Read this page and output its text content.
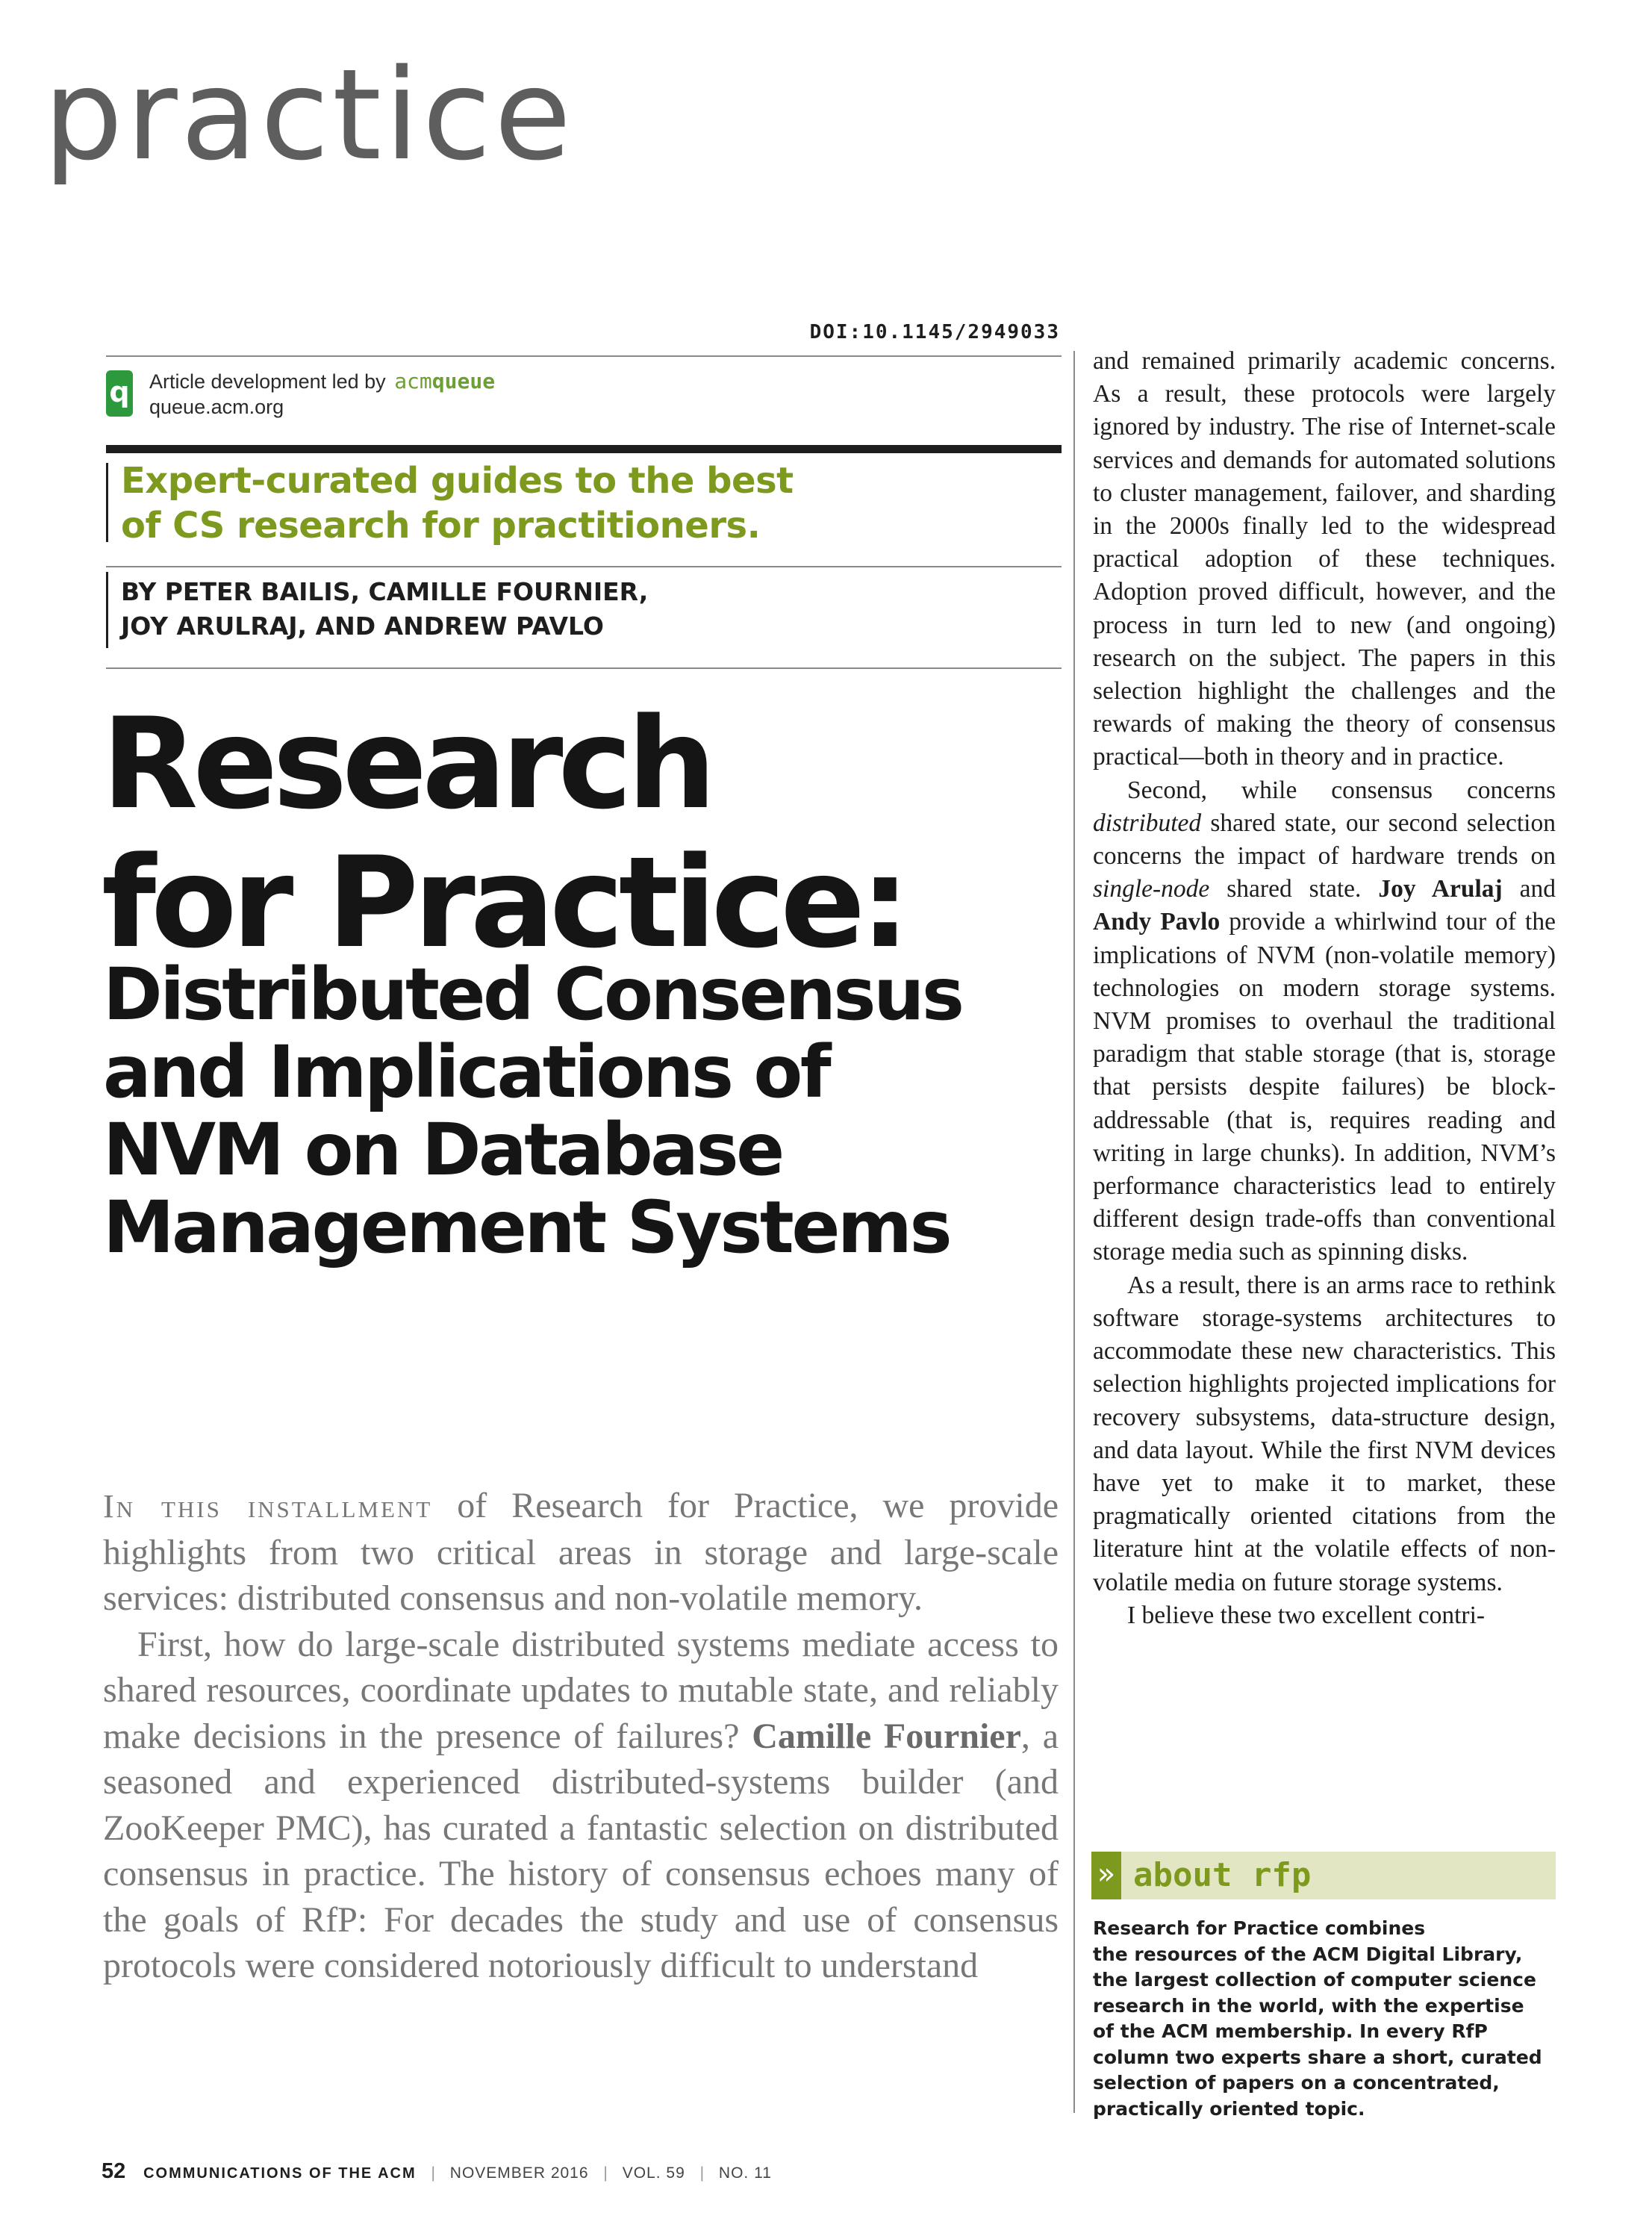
practice
DOI:10.1145/2949033
q Article development led by acmqueue
queue.acm.org
Expert-curated guides to the best
of CS research for practitioners.
BY PETER BAILIS, CAMILLE FOURNIER,
JOY ARULRAJ, AND ANDREW PAVLO
Research
for Practice:
Distributed Consensus
and Implications of
NVM on Database
Management Systems

In this installment of Research for Practice, we provide highlights from two critical areas in storage and large-scale services: distributed consensus and non-volatile memory.

First, how do large-scale distributed systems mediate access to shared resources, coordinate updates to mutable state, and reliably make decisions in the presence of failures? Camille Fournier, a seasoned and experienced distributed-systems builder (and ZooKeeper PMC), has curated a fantastic selection on distributed consensus in practice. The history of consensus echoes many of the goals of RfP: For decades the study and use of consensus protocols were considered notoriously difficult to understand

and remained primarily academic concerns. As a result, these protocols were largely ignored by industry. The rise of Internet-scale services and demands for automated solutions to cluster management, failover, and sharding in the 2000s finally led to the widespread practical adoption of these techniques. Adoption proved difficult, however, and the process in turn led to new (and ongoing) research on the subject. The papers in this selection highlight the challenges and the rewards of making the theory of consensus practical—both in theory and in practice.

Second, while consensus concerns distributed shared state, our second selection concerns the impact of hardware trends on single-node shared state. Joy Arulaj and Andy Pavlo provide a whirlwind tour of the implications of NVM (non-volatile memory) technologies on modern storage systems. NVM promises to overhaul the traditional paradigm that stable storage (that is, storage that persists despite failures) be block-addressable (that is, requires reading and writing in large chunks). In addition, NVM’s performance characteristics lead to entirely different design trade-offs than conventional storage media such as spinning disks.

As a result, there is an arms race to rethink software storage-systems architectures to accommodate these new characteristics. This selection highlights projected implications for recovery subsystems, data-structure design, and data layout. While the first NVM devices have yet to make it to market, these pragmatically oriented citations from the literature hint at the volatile effects of non-volatile media on future storage systems.

I believe these two excellent contri-

» about rfp
Research for Practice combines
the resources of the ACM Digital Library,
the largest collection of computer science
research in the world, with the expertise
of the ACM membership. In every RfP
column two experts share a short, curated
selection of papers on a concentrated,
practically oriented topic.
52 COMMUNICATIONS OF THE ACM | NOVEMBER 2016 | VOL. 59 | NO. 11
